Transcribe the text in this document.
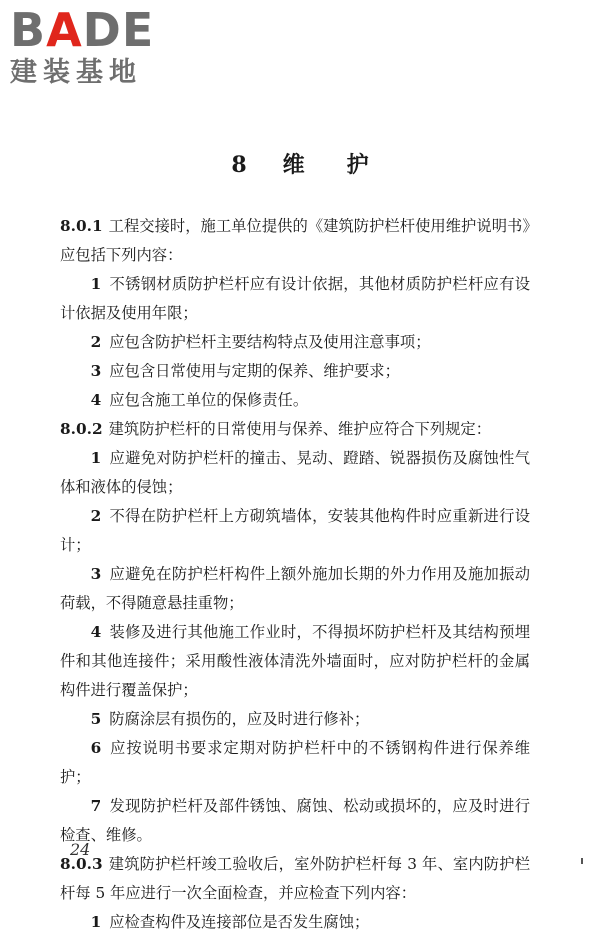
BADE
建装基地
8 维 护

8.0.1 工程交接时，施工单位提供的《建筑防护栏杆使用维护说明书》应包括下列内容：

1 不锈钢材质防护栏杆应有设计依据，其他材质防护栏杆应有设计依据及使用年限；

2 应包含防护栏杆主要结构特点及使用注意事项；

3 应包含日常使用与定期的保养、维护要求；

4 应包含施工单位的保修责任。

8.0.2 建筑防护栏杆的日常使用与保养、维护应符合下列规定：

1 应避免对防护栏杆的撞击、晃动、蹬踏、锐器损伤及腐蚀性气体和液体的侵蚀；

2 不得在防护栏杆上方砌筑墙体，安装其他构件时应重新进行设计；

3 应避免在防护栏杆构件上额外施加长期的外力作用及施加振动荷载，不得随意悬挂重物；

4 装修及进行其他施工作业时，不得损坏防护栏杆及其结构预埋件和其他连接件；采用酸性液体清洗外墙面时，应对防护栏杆的金属构件进行覆盖保护；

5 防腐涂层有损伤的，应及时进行修补；

6 应按说明书要求定期对防护栏杆中的不锈钢构件进行保养维护；

7 发现防护栏杆及部件锈蚀、腐蚀、松动或损坏的，应及时进行检查、维修。

8.0.3 建筑防护栏杆竣工验收后，室外防护栏杆每 3 年、室内防护栏杆每 5 年应进行一次全面检查，并应检查下列内容：

1 应检查构件及连接部位是否发生腐蚀；

24
